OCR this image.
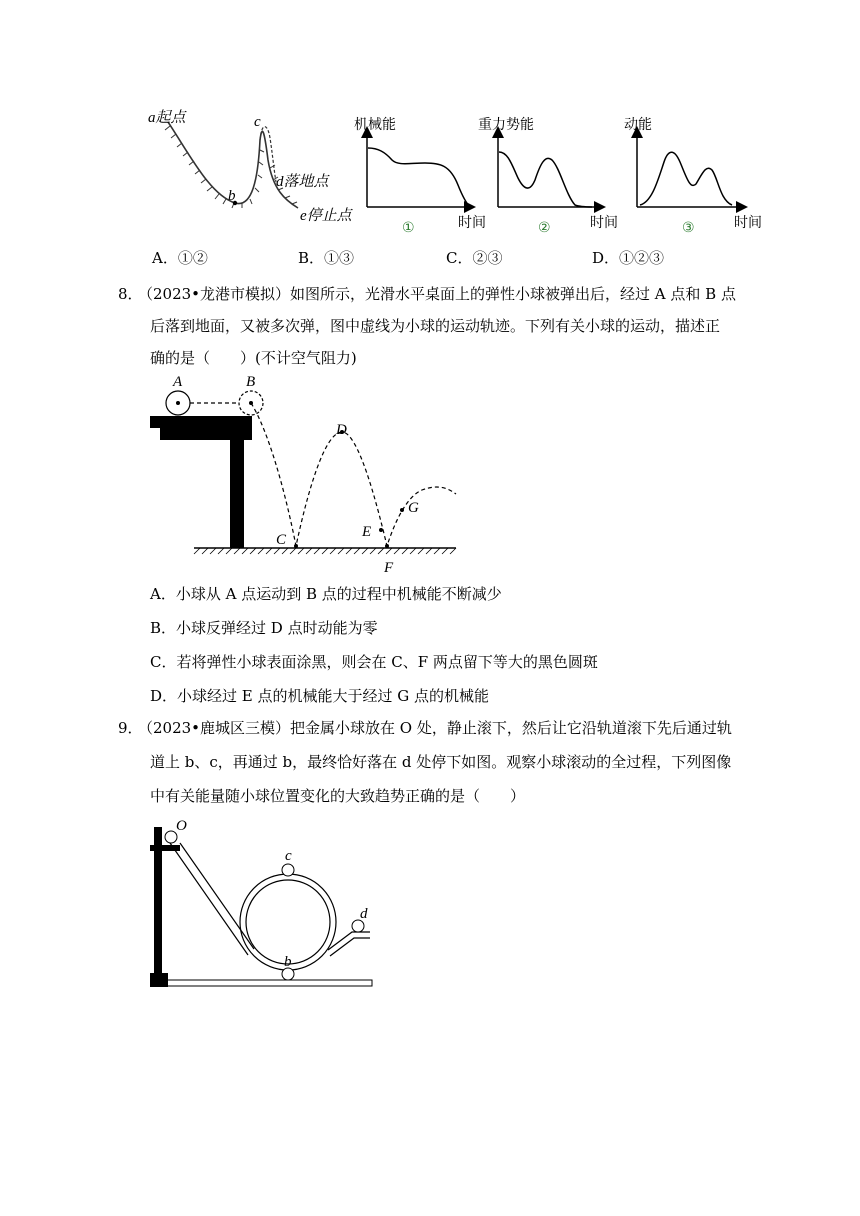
a起点
b
c
d落地点
e停止点
机械能
时间
①
重力势能
时间
②
动能
时间
③
A．①②	B．①③	C．②③	D．①②③
8．
（2023•龙港市模拟）如图所示，光滑水平桌面上的弹性小球被弹出后，经过 A 点和 B 点
后落到地面，又被多次弹，图中虚线为小球的运动轨迹。下列有关小球的运动，描述正
确的是（　　）(不计空气阻力)
A	B
C
D
E
F
G
A．小球从 A 点运动到 B 点的过程中机械能不断减少
B．小球反弹经过 D 点时动能为零
C．若将弹性小球表面涂黑，则会在 C、F 两点留下等大的黑色圆斑
D．小球经过 E 点的机械能大于经过 G 点的机械能
9．
（2023•鹿城区三模）把金属小球放在 O 处，静止滚下，然后让它沿轨道滚下先后通过轨
道上 b、c，再通过 b，最终恰好落在 d 处停下如图。观察小球滚动的全过程，下列图像
中有关能量随小球位置变化的大致趋势正确的是（　　）
O
c
b
d
